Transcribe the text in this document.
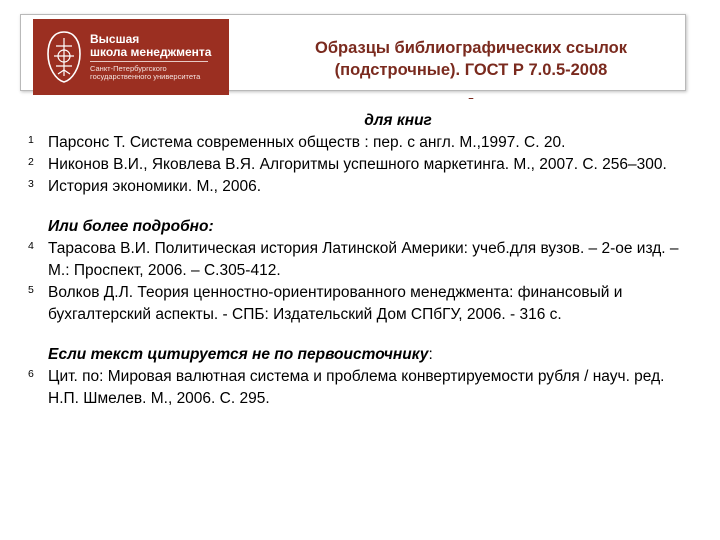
Высшая
школа менеджмента
Санкт-Петербургского
государственного университета
Образцы библиографических ссылок
(подстрочные). ГОСТ Р 7.0.5-2008

для книг
1 Парсонс Т. Система современных обществ : пер. с англ. М.,1997. С. 20.
2 Никонов В.И., Яковлева В.Я. Алгоритмы успешного маркетинга. М., 2007. С. 256–300.
3 История экономики. М., 2006.
Или более подробно:
4 Тарасова В.И. Политическая история Латинской Америки: учеб.для вузов. – 2-ое изд. – М.: Проспект, 2006. – С.305-412.
5 Волков Д.Л. Теория ценностно-ориентированного менеджмента: финансовый и бухгалтерский аспекты. - СПБ: Издательский Дом СПбГУ, 2006. - 316 с.
Если текст цитируется не по первоисточнику:
6 Цит. по: Мировая валютная система и проблема конвертируемости рубля / науч. ред. Н.П. Шмелев. М., 2006. С. 295.
